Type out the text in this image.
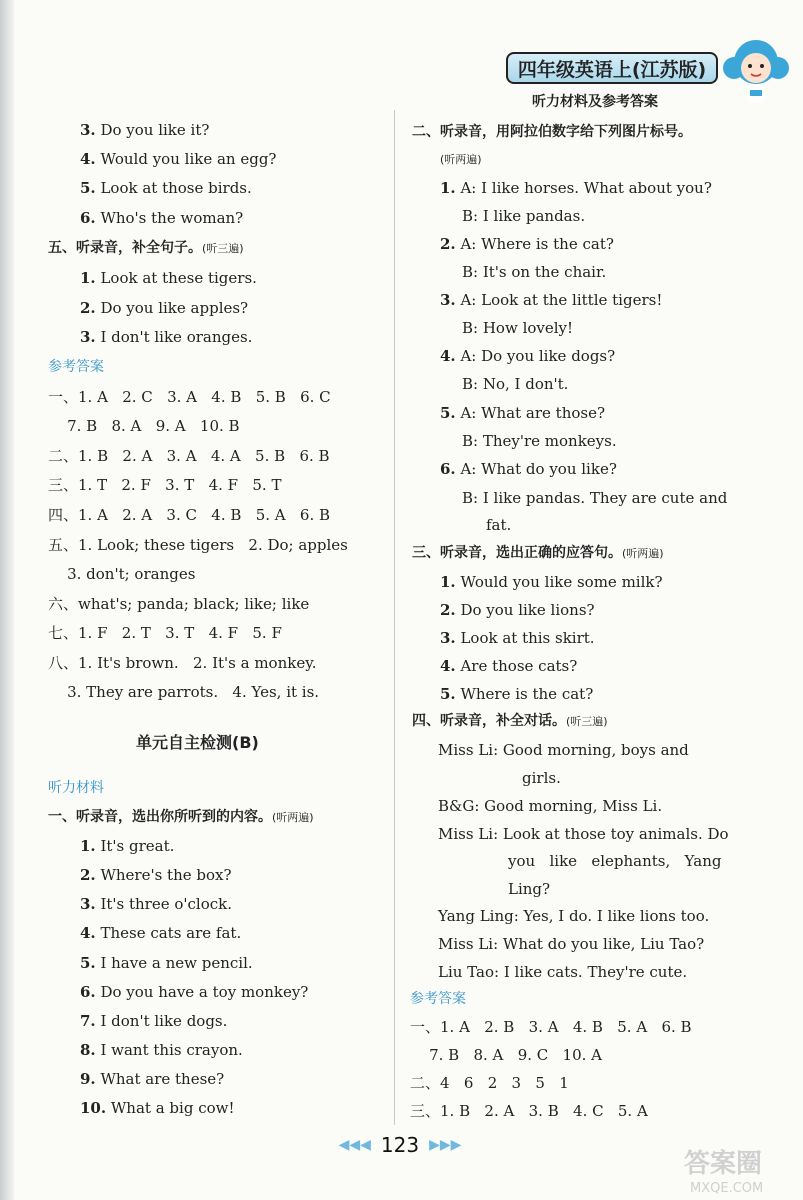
四年级英语上(江苏版)
听力材料及参考答案
3. Do you like it?
4. Would you like an egg?
5. Look at those birds.
6. Who's the woman?
五、听录音，补全句子。(听三遍)
1. Look at these tigers.
2. Do you like apples?
3. I don't like oranges.
参考答案
一、1. A   2. C   3. A   4. B   5. B   6. C
7. B   8. A   9. A   10. B
二、1. B   2. A   3. A   4. A   5. B   6. B
三、1. T   2. F   3. T   4. F   5. T
四、1. A   2. A   3. C   4. B   5. A   6. B
五、1. Look; these tigers   2. Do; apples
3. don't; oranges
六、what's; panda; black; like; like
七、1. F   2. T   3. T   4. F   5. F
八、1. It's brown.   2. It's a monkey.
3. They are parrots.   4. Yes, it is.
单元自主检测(B)
听力材料
一、听录音，选出你所听到的内容。(听两遍)
1. It's great.
2. Where's the box?
3. It's three o'clock.
4. These cats are fat.
5. I have a new pencil.
6. Do you have a toy monkey?
7. I don't like dogs.
8. I want this crayon.
9. What are these?
10. What a big cow!
二、听录音，用阿拉伯数字给下列图片标号。
(听两遍)
1. A: I like horses. What about you?
B: I like pandas.
2. A: Where is the cat?
B: It's on the chair.
3. A: Look at the little tigers!
B: How lovely!
4. A: Do you like dogs?
B: No, I don't.
5. A: What are those?
B: They're monkeys.
6. A: What do you like?
B: I like pandas. They are cute and
fat.
三、听录音，选出正确的应答句。(听两遍)
1. Would you like some milk?
2. Do you like lions?
3. Look at this skirt.
4. Are those cats?
5. Where is the cat?
四、听录音，补全对话。(听三遍)
Miss Li: Good morning, boys and
girls.
B&G: Good morning, Miss Li.
Miss Li: Look at those toy animals. Do
you   like   elephants,   Yang
Ling?
Yang Ling: Yes, I do. I like lions too.
Miss Li: What do you like, Liu Tao?
Liu Tao: I like cats. They're cute.
参考答案
一、1. A   2. B   3. A   4. B   5. A   6. B
7. B   8. A   9. C   10. A
二、4   6   2   3   5   1
三、1. B   2. A   3. B   4. C   5. A
◀◀◀ 123 ▶▶▶
答案圈
MXQE.COM
